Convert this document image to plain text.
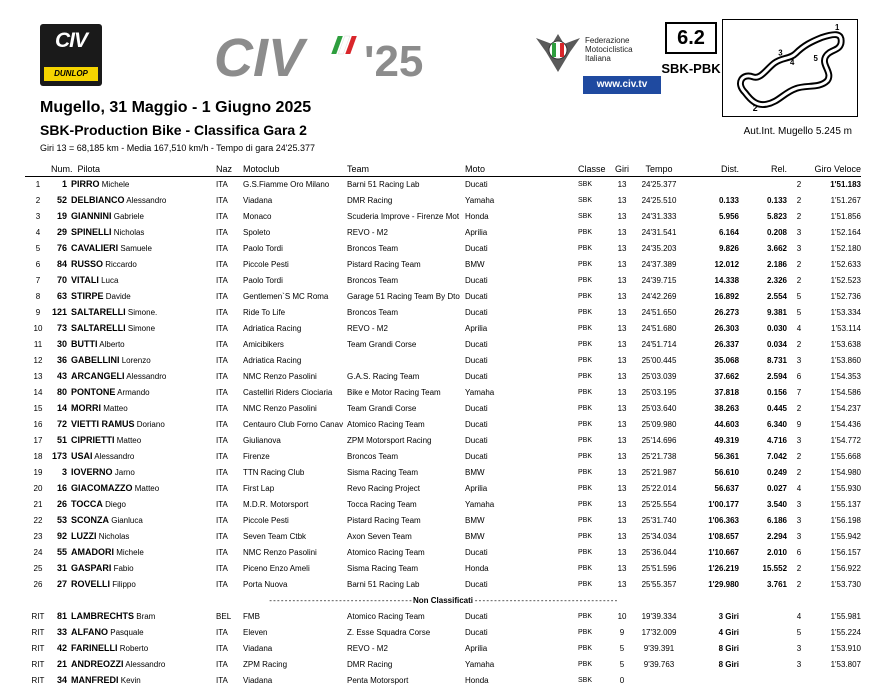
CIV
DUNLOP CIV '25	Federazione
Motociclistica
Italiana
www.civ.tv
6.2
SBK-PBK
2
3
4 5
1
Mugello, 31 Maggio - 1 Giugno 2025
SBK-Production Bike - Classifica Gara 2
Giri 13 = 68,185 km - Media 167,510 km/h - Tempo di gara 24'25.377
Aut.Int. Mugello 5.245 m
	Num. Pilota		Naz	Motoclub	Team	Moto	Classe	Giri	Tempo	Dist.	Rel.	Giro Veloce	
1	1	PIRRO Michele	ITA	G.S.Fiamme Oro Milano	Barni 51 Racing Lab	Ducati	SBK	13	24'25.377			2	1'51.183
2	52	DELBIANCO Alessandro	ITA	Viadana	DMR Racing	Yamaha	SBK	13	24'25.510	0.133	0.133	2	1'51.267
3	19	GIANNINI Gabriele	ITA	Monaco	Scuderia Improve - Firenze Mot	Honda	SBK	13	24'31.333	5.956	5.823	2	1'51.856
4	29	SPINELLI Nicholas	ITA	Spoleto	REVO - M2	Aprilia	PBK	13	24'31.541	6.164	0.208	3	1'52.164
5	76	CAVALIERI Samuele	ITA	Paolo Tordi	Broncos Team	Ducati	PBK	13	24'35.203	9.826	3.662	3	1'52.180
6	84	RUSSO Riccardo	ITA	Piccole Pesti	Pistard Racing Team	BMW	PBK	13	24'37.389	12.012	2.186	2	1'52.633
7	70	VITALI Luca	ITA	Paolo Tordi	Broncos Team	Ducati	PBK	13	24'39.715	14.338	2.326	2	1'52.523
8	63	STIRPE Davide	ITA	Gentlemen`S MC Roma	Garage 51 Racing Team By Dto	Ducati	PBK	13	24'42.269	16.892	2.554	5	1'52.736
9	121	SALTARELLI Simone.	ITA	Ride To Life	Broncos Team	Ducati	PBK	13	24'51.650	26.273	9.381	5	1'53.334
10	73	SALTARELLI Simone	ITA	Adriatica Racing	REVO - M2	Aprilia	PBK	13	24'51.680	26.303	0.030	4	1'53.114
11	30	BUTTI Alberto	ITA	Amicibikers	Team Grandi Corse	Ducati	PBK	13	24'51.714	26.337	0.034	2	1'53.638
12	36	GABELLINI Lorenzo	ITA	Adriatica Racing		Ducati	PBK	13	25'00.445	35.068	8.731	3	1'53.860
13	43	ARCANGELI Alessandro	ITA	NMC Renzo Pasolini	G.A.S. Racing Team	Ducati	PBK	13	25'03.039	37.662	2.594	6	1'54.353
14	80	PONTONE Armando	ITA	Castelliri Riders Ciociaria	Bike e Motor Racing Team	Yamaha	PBK	13	25'03.195	37.818	0.156	7	1'54.586
15	14	MORRI Matteo	ITA	NMC Renzo Pasolini	Team Grandi Corse	Ducati	PBK	13	25'03.640	38.263	0.445	2	1'54.237
16	72	VIETTI RAMUS Doriano	ITA	Centauro Club Forno Canav	Atomico Racing Team	Ducati	PBK	13	25'09.980	44.603	6.340	9	1'54.436
17	51	CIPRIETTI Matteo	ITA	Giulianova	ZPM Motorsport Racing	Ducati	PBK	13	25'14.696	49.319	4.716	3	1'54.772
18	173	USAI Alessandro	ITA	Firenze	Broncos Team	Ducati	PBK	13	25'21.738	56.361	7.042	2	1'55.668
19	3	IOVERNO Jarno	ITA	TTN Racing Club	Sisma Racing Team	BMW	PBK	13	25'21.987	56.610	0.249	2	1'54.980
20	16	GIACOMAZZO Matteo	ITA	First Lap	Revo Racing Project	Aprilia	PBK	13	25'22.014	56.637	0.027	4	1'55.930
21	26	TOCCA Diego	ITA	M.D.R. Motorsport	Tocca Racing Team	Yamaha	PBK	13	25'25.554	1'00.177	3.540	3	1'55.137
22	53	SCONZA Gianluca	ITA	Piccole Pesti	Pistard Racing Team	BMW	PBK	13	25'31.740	1'06.363	6.186	3	1'56.198
23	92	LUZZI Nicholas	ITA	Seven Team Ctbk	Axon Seven Team	BMW	PBK	13	25'34.034	1'08.657	2.294	3	1'55.942
24	55	AMADORI Michele	ITA	NMC Renzo Pasolini	Atomico Racing Team	Ducati	PBK	13	25'36.044	1'10.667	2.010	6	1'56.157
25	31	GASPARI Fabio	ITA	Piceno Enzo Ameli	Sisma Racing Team	Honda	PBK	13	25'51.596	1'26.219	15.552	2	1'56.922
26	27	ROVELLI Filippo	ITA	Porta Nuova	Barni 51 Racing Lab	Ducati	PBK	13	25'55.357	1'29.980	3.761	2	1'53.730
- - - - - - - - - - - - - - - - - - - - - - - - - - - - - - - - - - - - - Non Classificati - - - - - - - - - - - - - - - - - - - - - - - - - - - - - - - - - - - - -													
RIT	81	LAMBRECHTS Bram	BEL	FMB	Atomico Racing Team	Ducati	PBK	10	19'39.334	3 Giri		4	1'55.981
RIT	33	ALFANO Pasquale	ITA	Eleven	Z. Esse Squadra Corse	Ducati	PBK	9	17'32.009	4 Giri		5	1'55.224
RIT	42	FARINELLI Roberto	ITA	Viadana	REVO - M2	Aprilia	PBK	5	9'39.391	8 Giri		3	1'53.910
RIT	21	ANDREOZZI Alessandro	ITA	ZPM Racing	DMR Racing	Yamaha	PBK	5	9'39.763	8 Giri		3	1'53.807
RIT	34	MANFREDI Kevin	ITA	Viadana	Penta Motorsport	Honda	SBK	0					
